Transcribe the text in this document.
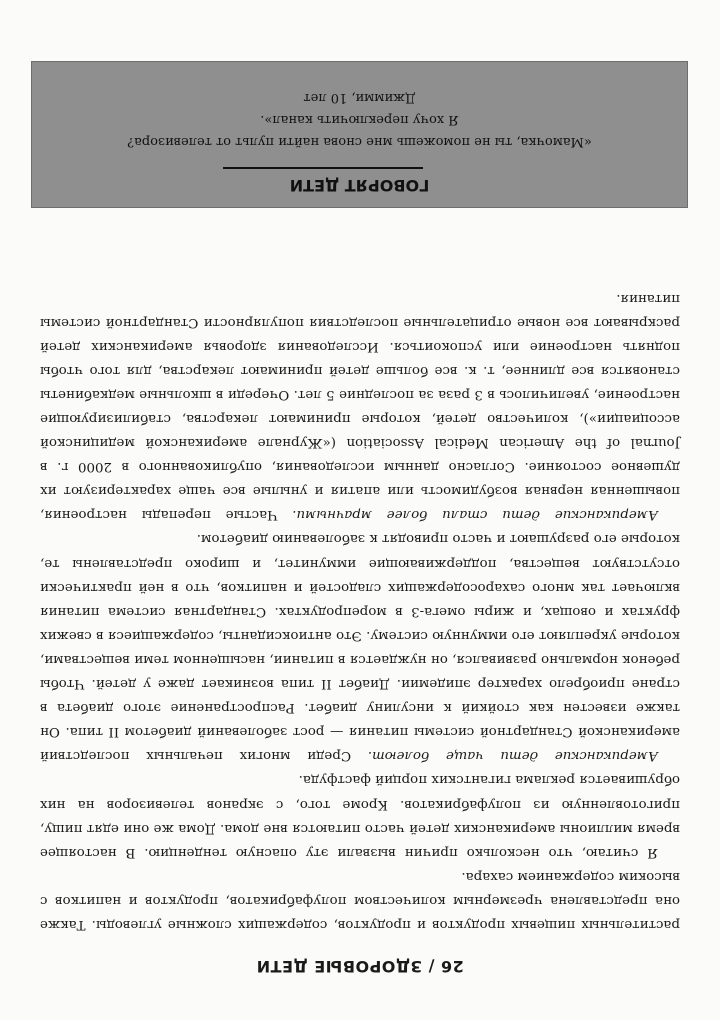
26 / ЗДОРОВЫЕ ДЕТИ

растительных пищевых продуктов и продуктов, содержащих сложные углеводы. Также она представлена чрезмерным количеством полуфабрикатов, продуктов и напитков с высоким содержанием сахара.

Я считаю, что несколько причин вызвали эту опасную тенденцию. В настоящее время миллионы американских детей часто питаются вне дома. Дома же они едят пищу, приготовленную из полуфабрикатов. Кроме того, с экранов телевизоров на них обрушивается реклама гигантских порций фастфуда.

Американские дети чаще болеют. Среди многих печальных последствий американской Стандартной системы питания — рост заболеваний диабетом II типа. Он также известен как стойкий к инсулину диабет. Распространение этого диабета в стране приобрело характер эпидемии. Диабет II типа возникает даже у детей. Чтобы ребенок нормально развивался, он нуждается в питании, насыщенном теми веществами, которые укрепляют его иммунную систему. Это антиоксиданты, содержащиеся в свежих фруктах и овощах, и жиры омега-3 в морепродуктах. Стандартная система питания включает так много сахаросодержащих сладостей и напитков, что в ней практически отсутствуют вещества, поддерживающие иммунитет, и широко представлены те, которые его разрушают и часто приводят к заболеванию диабетом.

Американские дети стали более мрачными. Частые перепады настроения, повышенная нервная возбудимость или апатия и унылые все чаще характеризуют их душевное состояние. Согласно данным исследования, опубликованного в 2000 г. в Journal of the American Medical Association («Журнале американской медицинской ассоциации»), количество детей, которые принимают лекарства, стабилизирующие настроение, увеличилось в 3 раза за последние 5 лет. Очереди в школьные медкабинеты становятся все длиннее, т. к. все больше детей принимают лекарства, для того чтобы поднять настроение или успокоиться. Исследования здоровья американских детей раскрывают все новые отрицательные последствия популярности Стандартной системы питания.

ГОВОРЯТ ДЕТИ
«Мамочка, ты не поможешь мне снова найти пульт от телевизора?
Я хочу переключить канал».
Джимми, 10 лет
